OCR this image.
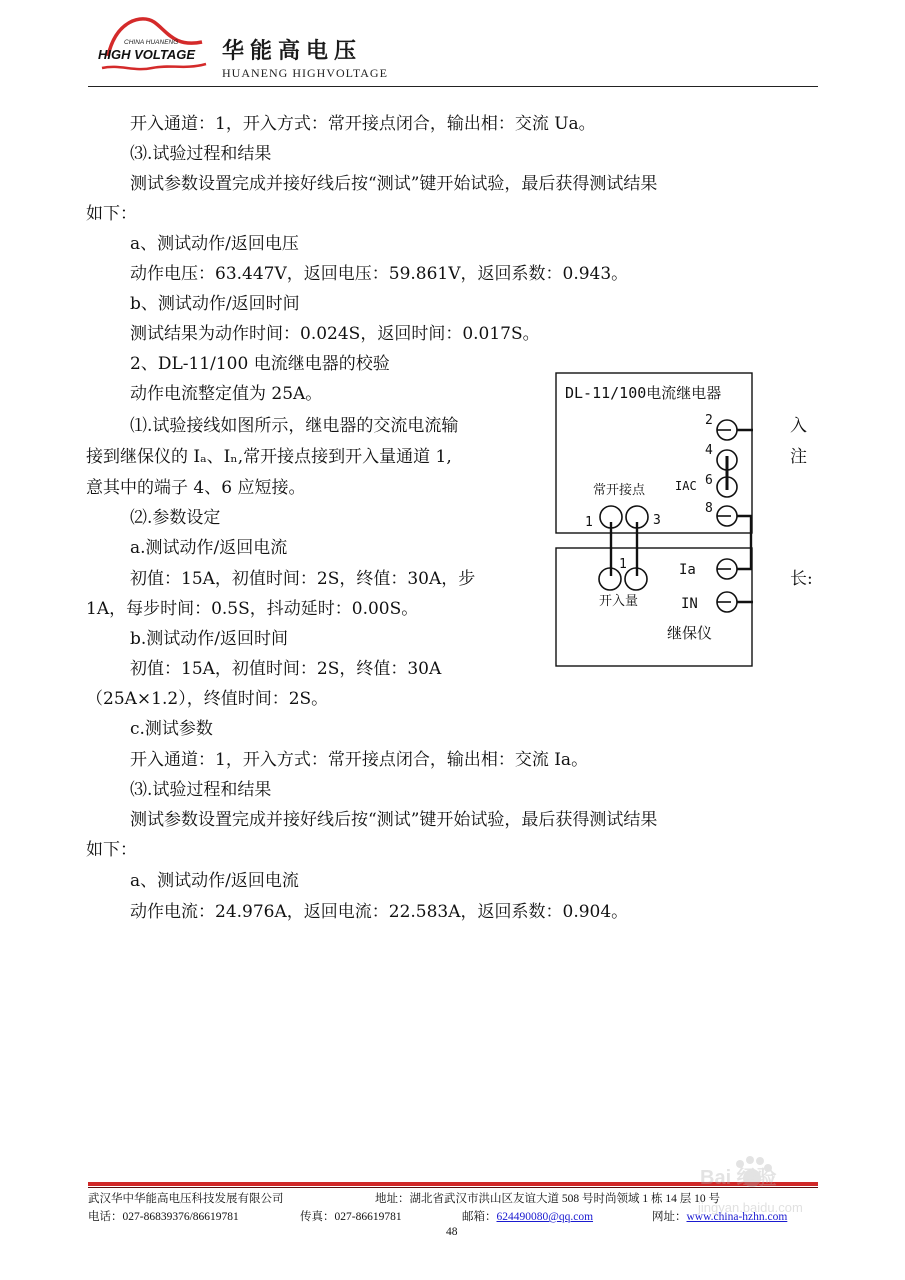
CHINA HUANENG
HIGH VOLTAGE 华能高电压
HUANENG HIGHVOLTAGE
开入通道：1，开入方式：常开接点闭合，输出相：交流 Ua。
⑶.试验过程和结果
测试参数设置完成并接好线后按“测试”键开始试验，最后获得测试结果
如下：
a、测试动作/返回电压
动作电压：63.447V，返回电压：59.861V，返回系数：0.943。
b、测试动作/返回时间
测试结果为动作时间：0.024S，返回时间：0.017S。
2、DL-11/100 电流继电器的校验
动作电流整定值为 25A。
⑴.试验接线如图所示，继电器的交流电流输	入
接到继保仪的 Iₐ、Iₙ,常开接点接到开入量通道 1,	注
意其中的端子 4、6 应短接。
⑵.参数设定
a.测试动作/返回电流
初值：15A，初值时间：2S，终值：30A，步	长:
1A，每步时间：0.5S，抖动延时：0.00S。
b.测试动作/返回时间
初值：15A，初值时间：2S，终值：30A
（25A×1.2），终值时间：2S。
c.测试参数
开入通道：1，开入方式：常开接点闭合，输出相：交流 Ia。
⑶.试验过程和结果
测试参数设置完成并接好线后按“测试”键开始试验，最后获得测试结果
如下：
a、测试动作/返回电流
动作电流：24.976A，返回电流：22.583A，返回系数：0.904。
DL-11/100电流继电器
2
4
6
8
IAC
常开接点
1	3
1
开入量
Ia
IN
继保仪
武汉华中华能高电压科技发展有限公司	地址：湖北省武汉市洪山区友谊大道 508 号时尚领域 1 栋 14 层 10 号
电话：027-86839376/86619781	传真：027-86619781	邮箱：624490080@qq.com	网址：www.china-hzhn.com
48
Bai 经验
jingyan.baidu.com
